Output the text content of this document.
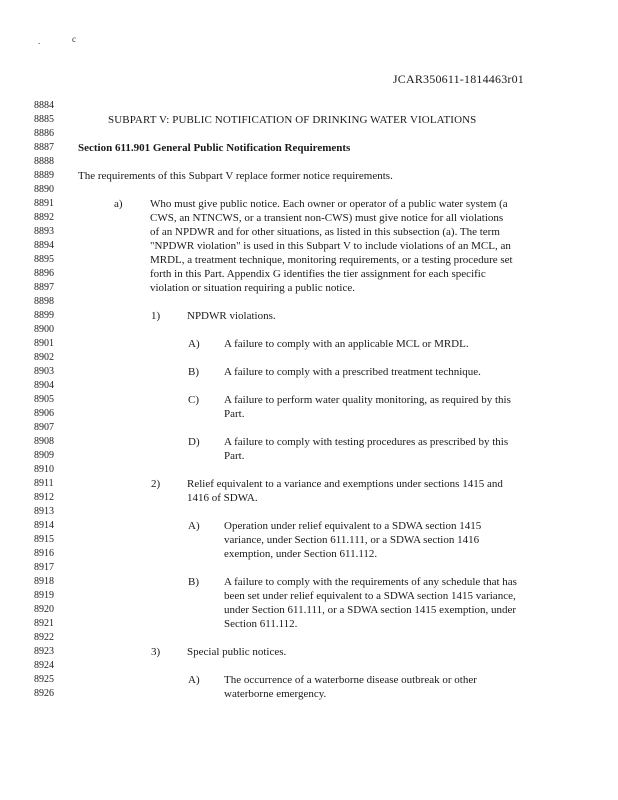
.	c
JCAR350611-1814463r01
8884
8885	SUBPART V: PUBLIC NOTIFICATION OF DRINKING WATER VIOLATIONS
8886
8887	Section 611.901 General Public Notification Requirements
8888
8889	The requirements of this Subpart V replace former notice requirements.
8890
8891	a) Who must give public notice. Each owner or operator of a public water system (a
8892	CWS, an NTNCWS, or a transient non-CWS) must give notice for all violations
8893	of an NPDWR and for other situations, as listed in this subsection (a). The term
8894	"NPDWR violation" is used in this Subpart V to include violations of an MCL, an
8895	MRDL, a treatment technique, monitoring requirements, or a testing procedure set
8896	forth in this Part. Appendix G identifies the tier assignment for each specific
8897	violation or situation requiring a public notice.
8898
8899	1) NPDWR violations.
8900
8901	A) A failure to comply with an applicable MCL or MRDL.
8902
8903	B) A failure to comply with a prescribed treatment technique.
8904
8905	C) A failure to perform water quality monitoring, as required by this
8906	Part.
8907
8908	D) A failure to comply with testing procedures as prescribed by this
8909	Part.
8910
8911	2) Relief equivalent to a variance and exemptions under sections 1415 and
8912	1416 of SDWA.
8913
8914	A) Operation under relief equivalent to a SDWA section 1415
8915	variance, under Section 611.111, or a SDWA section 1416
8916	exemption, under Section 611.112.
8917
8918	B) A failure to comply with the requirements of any schedule that has
8919	been set under relief equivalent to a SDWA section 1415 variance,
8920	under Section 611.111, or a SDWA section 1415 exemption, under
8921	Section 611.112.
8922
8923	3) Special public notices.
8924
8925	A) The occurrence of a waterborne disease outbreak or other
8926	waterborne emergency.
